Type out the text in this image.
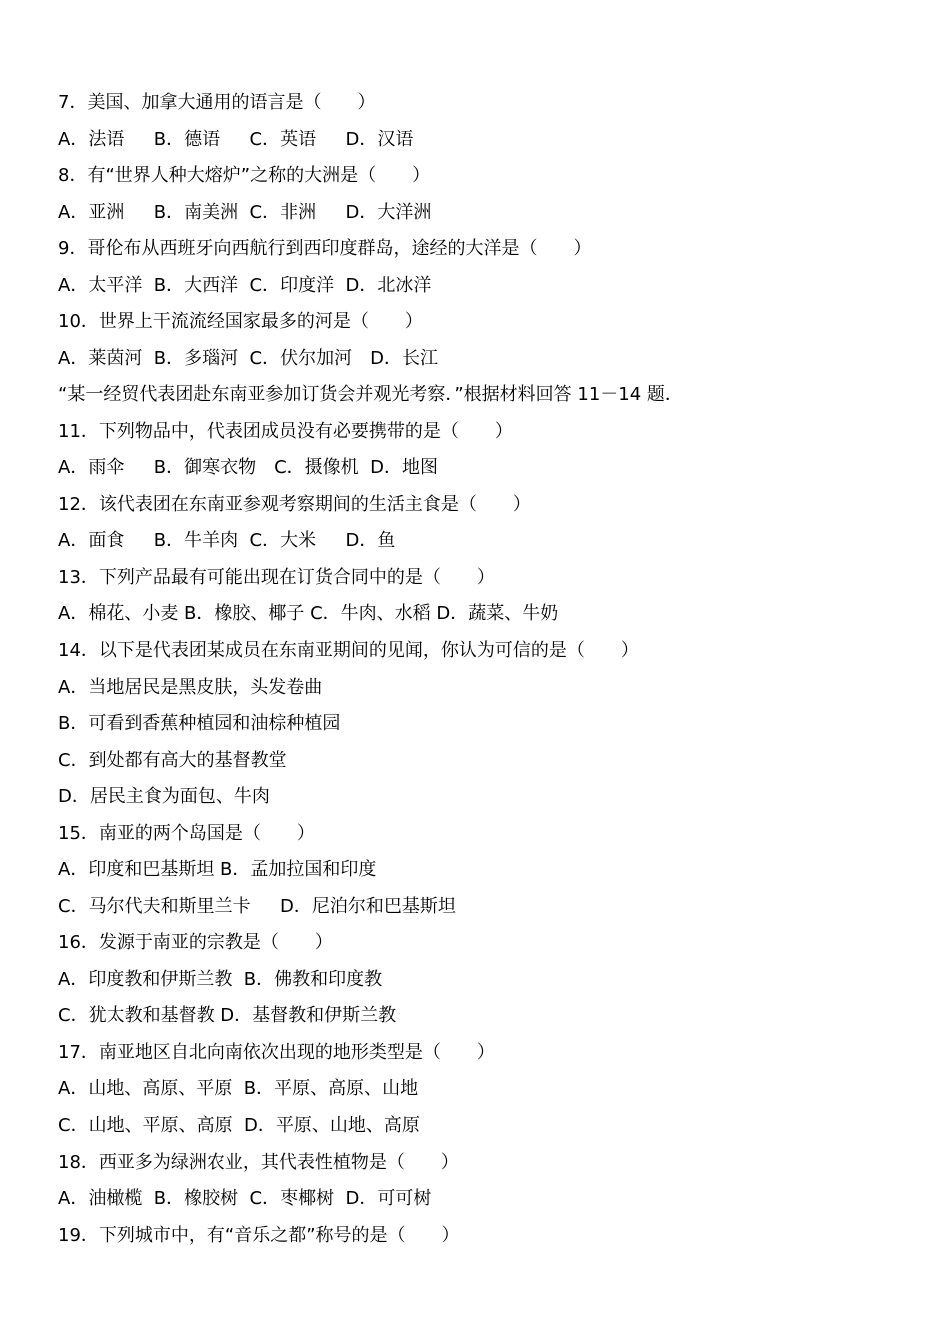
7．美国、加拿大通用的语言是（　　）
A．法语　  B．德语　  C．英语　  D．汉语
8．有“世界人种大熔炉”之称的大洲是（　　）
A．亚洲　  B．南美洲  C．非洲　  D．大洋洲
9．哥伦布从西班牙向西航行到西印度群岛，途经的大洋是（　　）
A．太平洋  B．大西洋  C．印度洋  D．北冰洋
10．世界上干流流经国家最多的河是（　　）
A．莱茵河  B．多瑙河  C．伏尔加河　D．长江
“某一经贸代表团赴东南亚参加订货会并观光考察．”根据材料回答 11－14 题．
11．下列物品中，代表团成员没有必要携带的是（　　）
A．雨伞　  B．御寒衣物　C．摄像机  D．地图
12．该代表团在东南亚参观考察期间的生活主食是（　　）
A．面食　  B．牛羊肉  C．大米　  D．鱼
13．下列产品最有可能出现在订货合同中的是（　　）
A．棉花、小麦 B．橡胶、椰子 C．牛肉、水稻 D．蔬菜、牛奶
14．以下是代表团某成员在东南亚期间的见闻，你认为可信的是（　　）
A．当地居民是黑皮肤，头发卷曲
B．可看到香蕉种植园和油棕种植园
C．到处都有高大的基督教堂
D．居民主食为面包、牛肉
15．南亚的两个岛国是（　　）
A．印度和巴基斯坦 B．孟加拉国和印度
C．马尔代夫和斯里兰卡　  D．尼泊尔和巴基斯坦
16．发源于南亚的宗教是（　　）
A．印度教和伊斯兰教  B．佛教和印度教
C．犹太教和基督教 D．基督教和伊斯兰教
17．南亚地区自北向南依次出现的地形类型是（　　）
A．山地、高原、平原  B．平原、高原、山地
C．山地、平原、高原  D．平原、山地、高原
18．西亚多为绿洲农业，其代表性植物是（　　）
A．油橄榄  B．橡胶树  C．枣椰树  D．可可树
19．下列城市中，有“音乐之都”称号的是（　　）
